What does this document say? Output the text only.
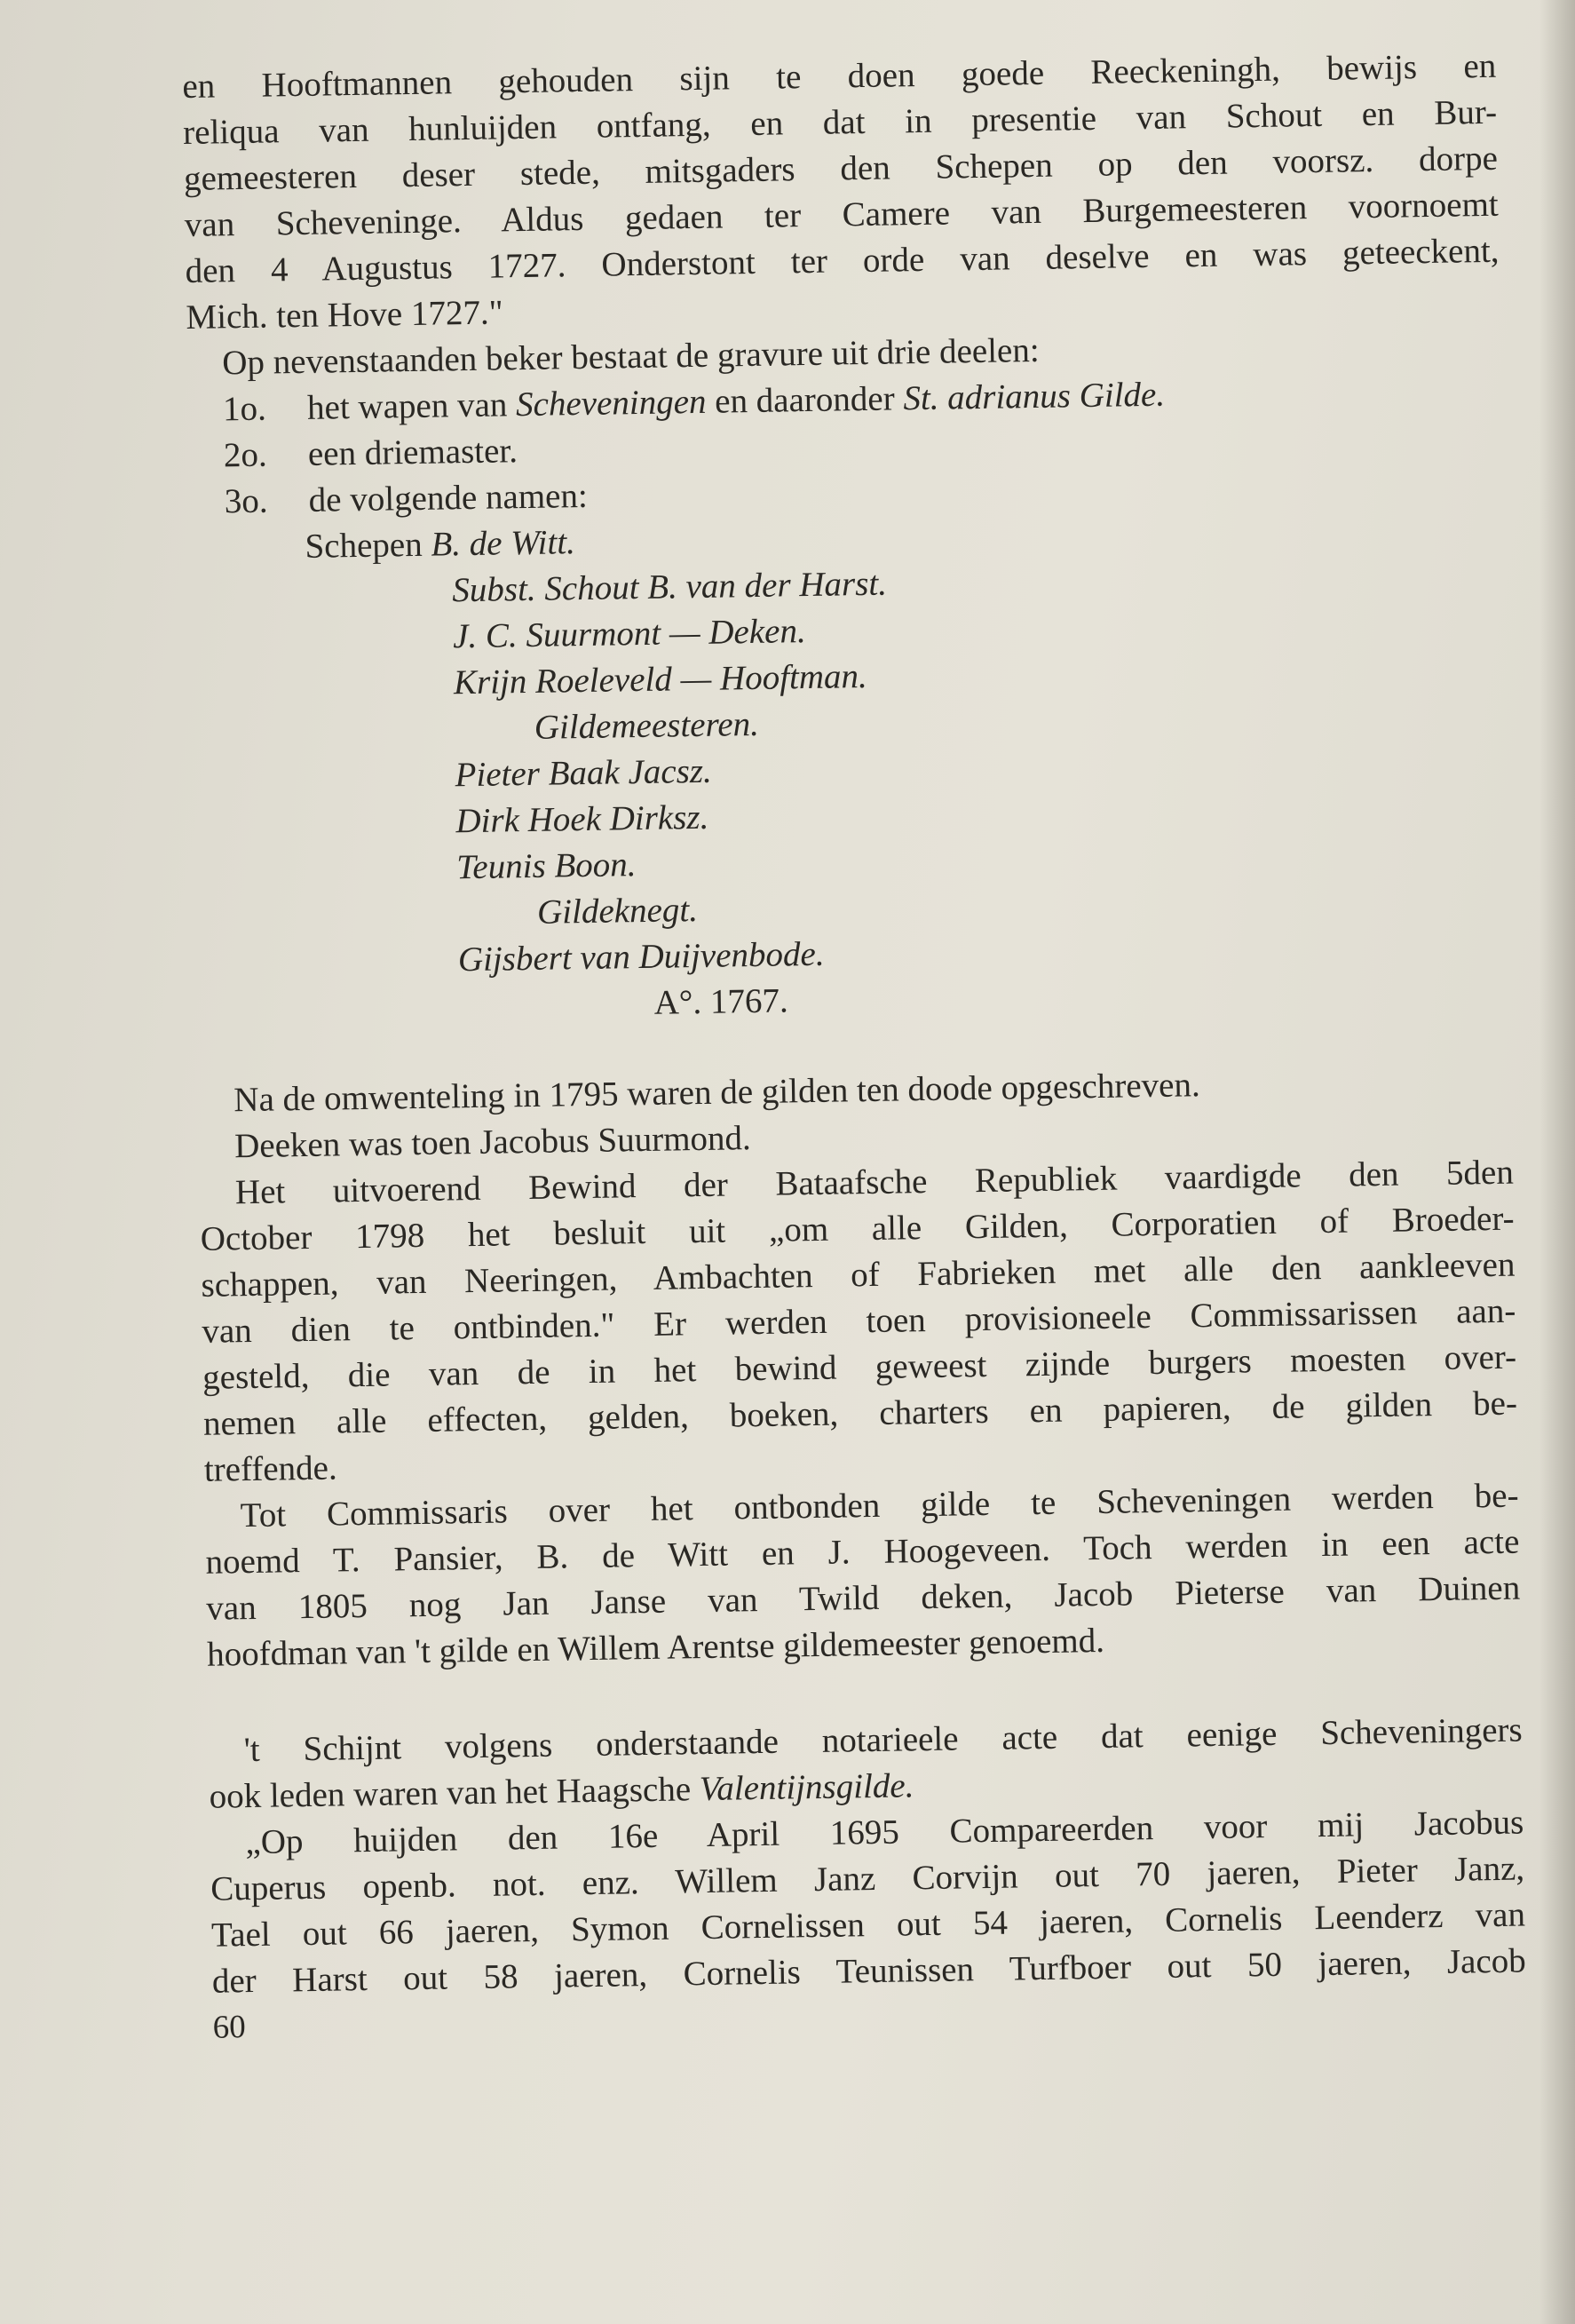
en Hooftmannen gehouden sijn te doen goede Reeckeningh, bewijs en
reliqua van hunluijden ontfang, en dat in presentie van Schout en Bur-
gemeesteren deser stede, mitsgaders den Schepen op den voorsz. dorpe
van Scheveninge. Aldus gedaen ter Camere van Burgemeesteren voornoemt
den 4 Augustus 1727. Onderstont ter orde van deselve en was geteeckent,
Mich. ten Hove 1727."
Op nevenstaanden beker bestaat de gravure uit drie deelen:
1o. het wapen van Scheveningen en daaronder St. adrianus Gilde.
2o. een driemaster.
3o. de volgende namen:
Schepen B. de Witt.
Subst. Schout B. van der Harst.
J. C. Suurmont — Deken.
Krijn Roeleveld — Hooftman.
Gildemeesteren.
Pieter Baak Jacsz.
Dirk Hoek Dirksz.
Teunis Boon.
Gildeknegt.
Gijsbert van Duijvenbode.
A°. 1767.
Na de omwenteling in 1795 waren de gilden ten doode opgeschreven.
Deeken was toen Jacobus Suurmond.
Het uitvoerend Bewind der Bataafsche Republiek vaardigde den 5den
October 1798 het besluit uit „om alle Gilden, Corporatien of Broeder-
schappen, van Neeringen, Ambachten of Fabrieken met alle den aankleeven
van dien te ontbinden." Er werden toen provisioneele Commissarissen aan-
gesteld, die van de in het bewind geweest zijnde burgers moesten over-
nemen alle effecten, gelden, boeken, charters en papieren, de gilden be-
treffende.
Tot Commissaris over het ontbonden gilde te Scheveningen werden be-
noemd T. Pansier, B. de Witt en J. Hoogeveen. Toch werden in een acte
van 1805 nog Jan Janse van Twild deken, Jacob Pieterse van Duinen
hoofdman van 't gilde en Willem Arentse gildemeester genoemd.
't Schijnt volgens onderstaande notarieele acte dat eenige Scheveningers
ook leden waren van het Haagsche Valentijnsgilde.
„Op huijden den 16e April 1695 Compareerden voor mij Jacobus
Cuperus openb. not. enz. Willem Janz Corvijn out 70 jaeren, Pieter Janz,
Tael out 66 jaeren, Symon Cornelissen out 54 jaeren, Cornelis Leenderz van
der Harst out 58 jaeren, Cornelis Teunissen Turfboer out 50 jaeren, Jacob
60
